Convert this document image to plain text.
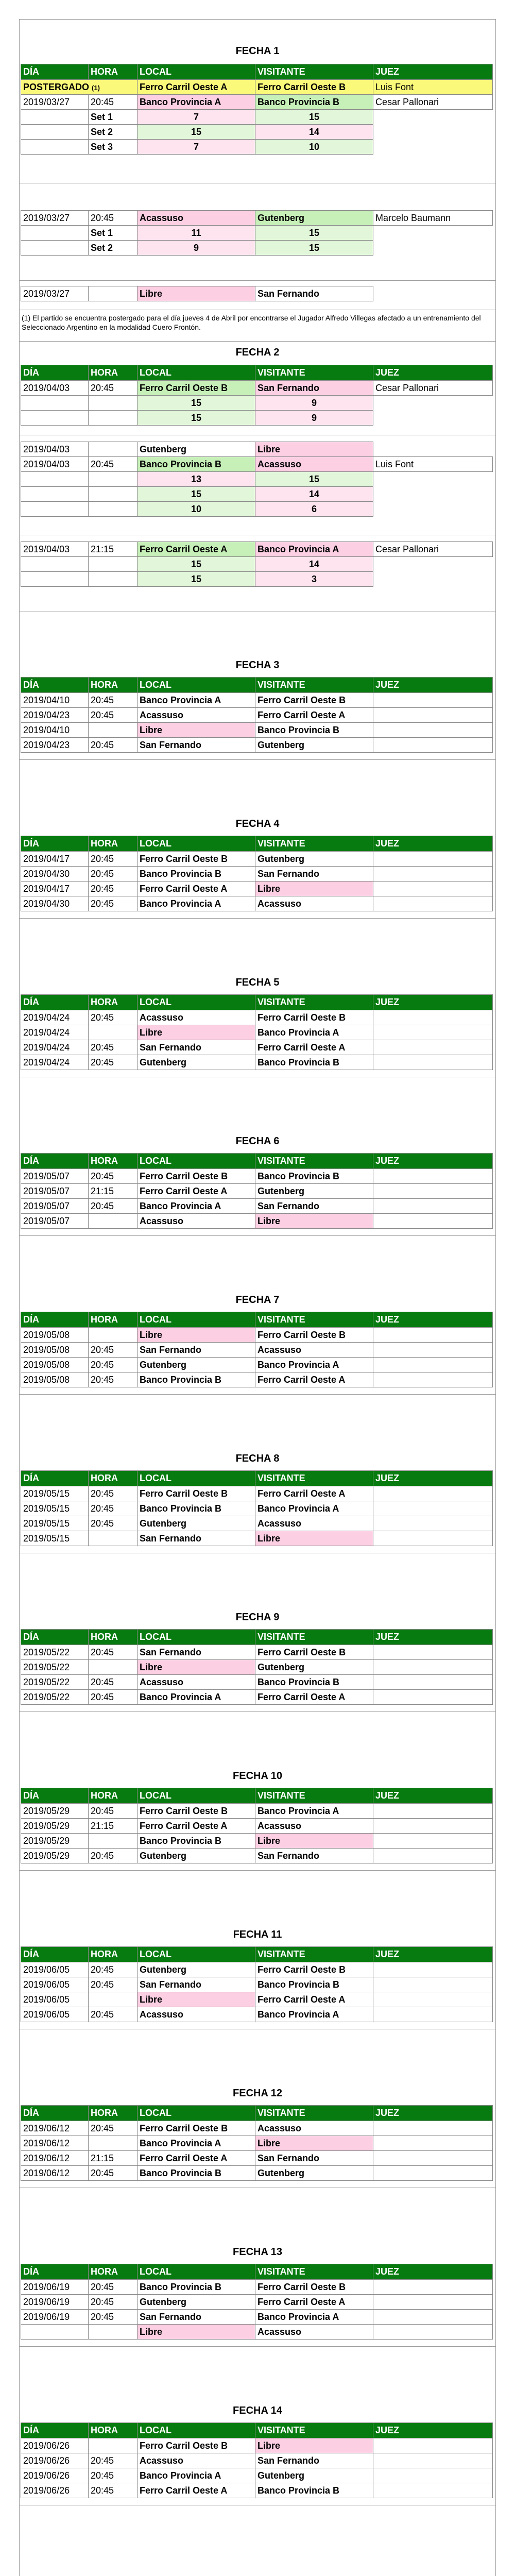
FECHA 1
DÍA	HORA	LOCAL	VISITANTE	JUEZ
POSTERGADO (1)		Ferro Carril Oeste A	Ferro Carril Oeste B	Luis Font
2019/03/27	20:45	Banco Provincia A	Banco Provincia B	Cesar Pallonari
	Set 1	7	15	
	Set 2	15	14	
	Set 3	7	10	
2019/03/27	20:45	Acassuso	Gutenberg	Marcelo Baumann
	Set 1	11	15	
	Set 2	9	15	
2019/03/27		Libre	San Fernando	
(1) El partido se encuentra postergado para el día jueves 4 de Abril por encontrarse el Jugador Alfredo Villegas afectado a un entrenamiento del Seleccionado Argentino en la modalidad Cuero Frontón.
FECHA 2
DÍA	HORA	LOCAL	VISITANTE	JUEZ
2019/04/03	20:45	Ferro Carril Oeste B	San Fernando	Cesar Pallonari
		15	9	
		15	9	
2019/04/03		Gutenberg	Libre	
2019/04/03	20:45	Banco Provincia B	Acassuso	Luis Font
		13	15	
		15	14	
		10	6	
2019/04/03	21:15	Ferro Carril Oeste A	Banco Provincia A	Cesar Pallonari
		15	14	
		15	3	
FECHA 3
DÍA	HORA	LOCAL	VISITANTE	JUEZ
2019/04/10	20:45	Banco Provincia A	Ferro Carril Oeste B	
2019/04/23	20:45	Acassuso	Ferro Carril Oeste A	
2019/04/10		Libre	Banco Provincia B	
2019/04/23	20:45	San Fernando	Gutenberg	
FECHA 4
DÍA	HORA	LOCAL	VISITANTE	JUEZ
2019/04/17	20:45	Ferro Carril Oeste B	Gutenberg	
2019/04/30	20:45	Banco Provincia B	San Fernando	
2019/04/17	20:45	Ferro Carril Oeste A	Libre	
2019/04/30	20:45	Banco Provincia A	Acassuso	
FECHA 5
DÍA	HORA	LOCAL	VISITANTE	JUEZ
2019/04/24	20:45	Acassuso	Ferro Carril Oeste B	
2019/04/24		Libre	Banco Provincia A	
2019/04/24	20:45	San Fernando	Ferro Carril Oeste A	
2019/04/24	20:45	Gutenberg	Banco Provincia B	
FECHA 6
DÍA	HORA	LOCAL	VISITANTE	JUEZ
2019/05/07	20:45	Ferro Carril Oeste B	Banco Provincia B	
2019/05/07	21:15	Ferro Carril Oeste A	Gutenberg	
2019/05/07	20:45	Banco Provincia A	San Fernando	
2019/05/07		Acassuso	Libre	
FECHA 7
DÍA	HORA	LOCAL	VISITANTE	JUEZ
2019/05/08		Libre	Ferro Carril Oeste B	
2019/05/08	20:45	San Fernando	Acassuso	
2019/05/08	20:45	Gutenberg	Banco Provincia A	
2019/05/08	20:45	Banco Provincia B	Ferro Carril Oeste A	
FECHA 8
DÍA	HORA	LOCAL	VISITANTE	JUEZ
2019/05/15	20:45	Ferro Carril Oeste B	Ferro Carril Oeste A	
2019/05/15	20:45	Banco Provincia B	Banco Provincia A	
2019/05/15	20:45	Gutenberg	Acassuso	
2019/05/15		San Fernando	Libre	
FECHA 9
DÍA	HORA	LOCAL	VISITANTE	JUEZ
2019/05/22	20:45	San Fernando	Ferro Carril Oeste B	
2019/05/22		Libre	Gutenberg	
2019/05/22	20:45	Acassuso	Banco Provincia B	
2019/05/22	20:45	Banco Provincia A	Ferro Carril Oeste A	
FECHA 10
DÍA	HORA	LOCAL	VISITANTE	JUEZ
2019/05/29	20:45	Ferro Carril Oeste B	Banco Provincia A	
2019/05/29	21:15	Ferro Carril Oeste A	Acassuso	
2019/05/29		Banco Provincia B	Libre	
2019/05/29	20:45	Gutenberg	San Fernando	
FECHA 11
DÍA	HORA	LOCAL	VISITANTE	JUEZ
2019/06/05	20:45	Gutenberg	Ferro Carril Oeste B	
2019/06/05	20:45	San Fernando	Banco Provincia B	
2019/06/05		Libre	Ferro Carril Oeste A	
2019/06/05	20:45	Acassuso	Banco Provincia A	
FECHA 12
DÍA	HORA	LOCAL	VISITANTE	JUEZ
2019/06/12	20:45	Ferro Carril Oeste B	Acassuso	
2019/06/12		Banco Provincia A	Libre	
2019/06/12	21:15	Ferro Carril Oeste A	San Fernando	
2019/06/12	20:45	Banco Provincia B	Gutenberg	
FECHA 13
DÍA	HORA	LOCAL	VISITANTE	JUEZ
2019/06/19	20:45	Banco Provincia B	Ferro Carril Oeste B	
2019/06/19	20:45	Gutenberg	Ferro Carril Oeste A	
2019/06/19	20:45	San Fernando	Banco Provincia A	
		Libre	Acassuso	
FECHA 14
DÍA	HORA	LOCAL	VISITANTE	JUEZ
2019/06/26		Ferro Carril Oeste B	Libre	
2019/06/26	20:45	Acassuso	San Fernando	
2019/06/26	20:45	Banco Provincia A	Gutenberg	
2019/06/26	20:45	Ferro Carril Oeste A	Banco Provincia B	
